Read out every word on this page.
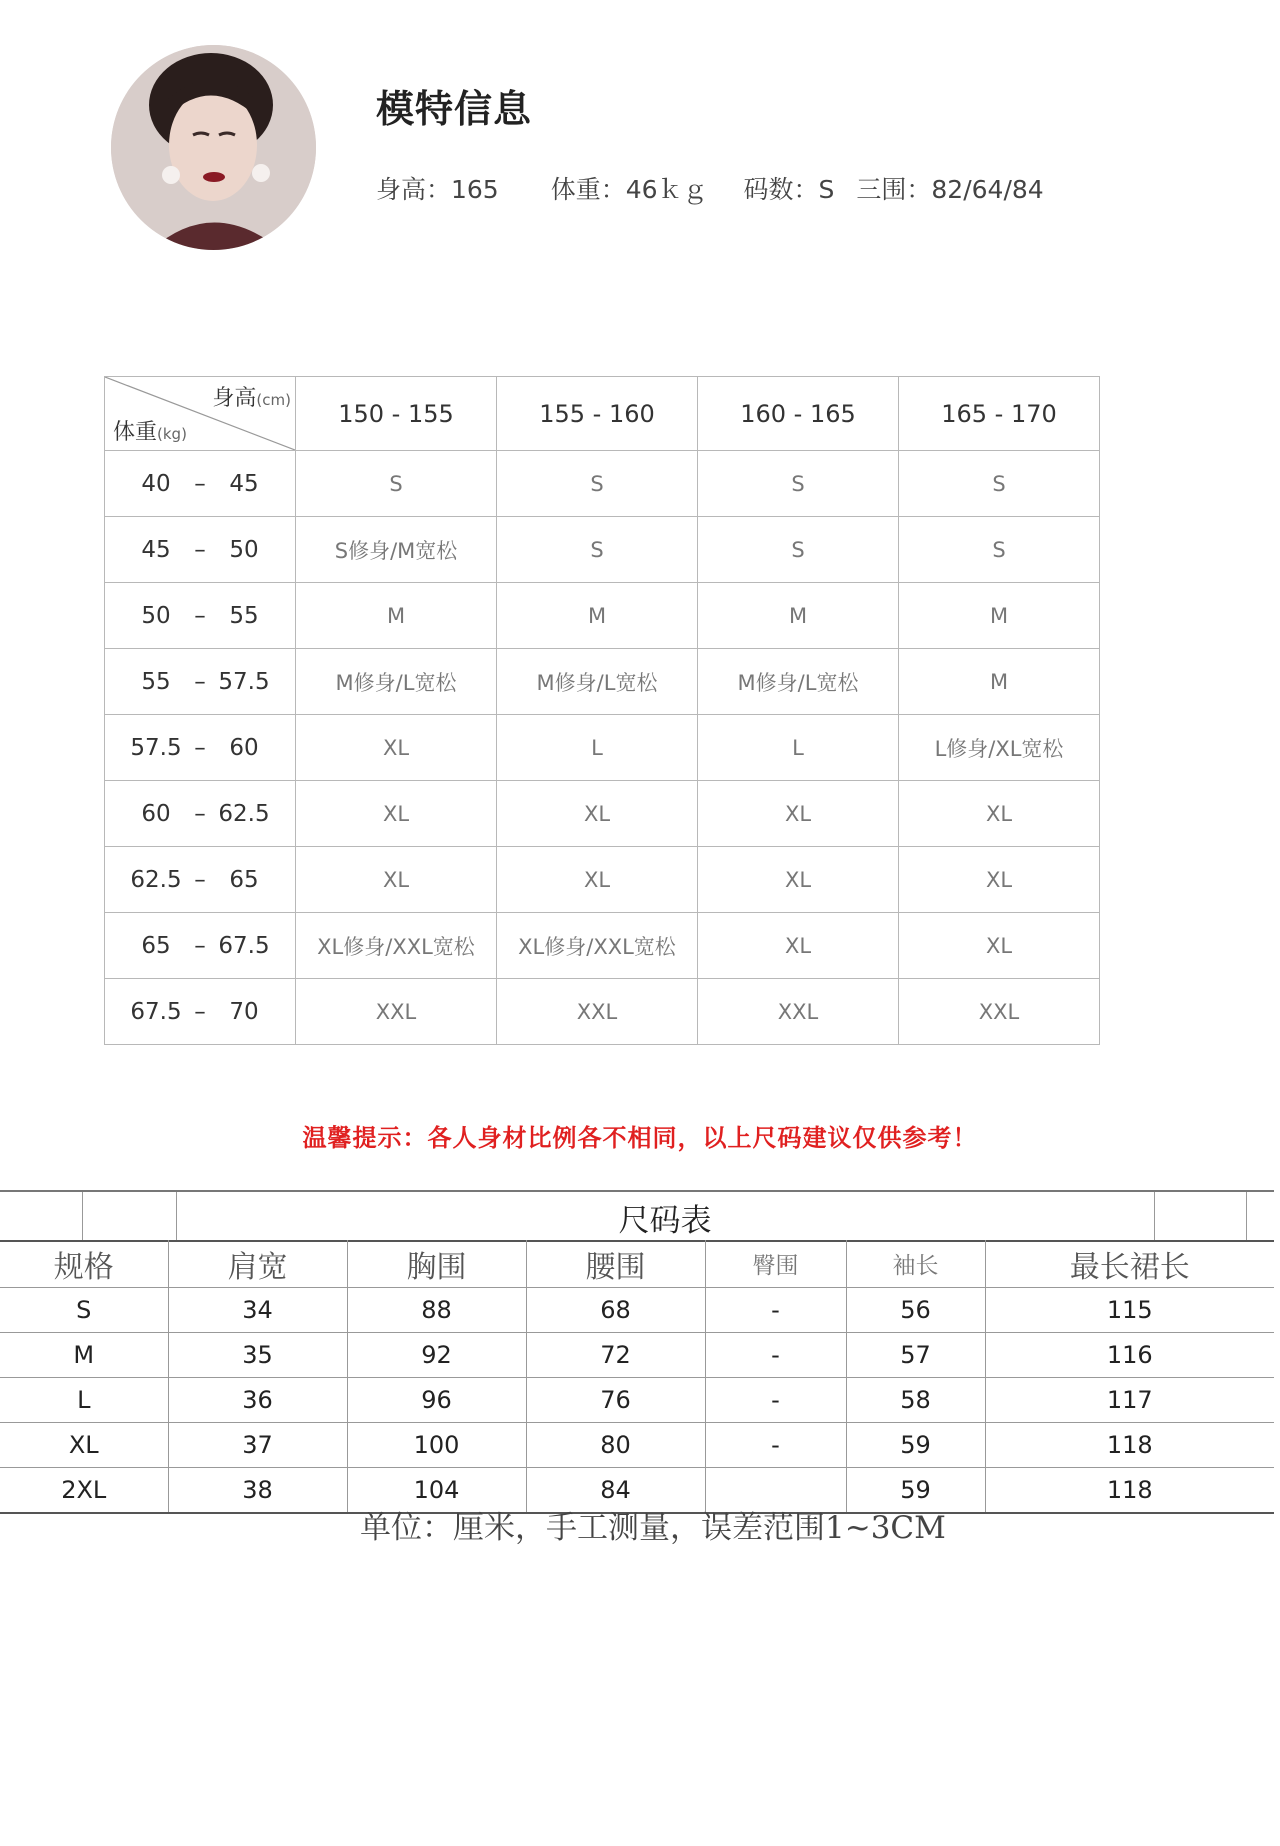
模特信息
身高：165 体重：46ｋｇ 码数：S 三围：82/64/84
身高(cm)
体重(kg)	150 - 155	155 - 160	160 - 165	165 - 170
40 – 45	S	S	S	S
45 – 50	S修身/M宽松	S	S	S
50 – 55	M	M	M	M
55 – 57.5	M修身/L宽松	M修身/L宽松	M修身/L宽松	M
57.5 – 60	XL	L	L	L修身/XL宽松
60 – 62.5	XL	XL	XL	XL
62.5 – 65	XL	XL	XL	XL
65 – 67.5	XL修身/XXL宽松	XL修身/XXL宽松	XL	XL
67.5 – 70	XXL	XXL	XXL	XXL
温馨提示：各人身材比例各不相同，以上尺码建议仅供参考！
尺码表
规格	肩宽	胸围	腰围	臀围	袖长	最长裙长
S	34	88	68	-	56	115
M	35	92	72	-	57	116
L	36	96	76	-	58	117
XL	37	100	80	-	59	118
2XL	38	104	84		59	118
单位：厘米，手工测量，误差范围1~3CM
